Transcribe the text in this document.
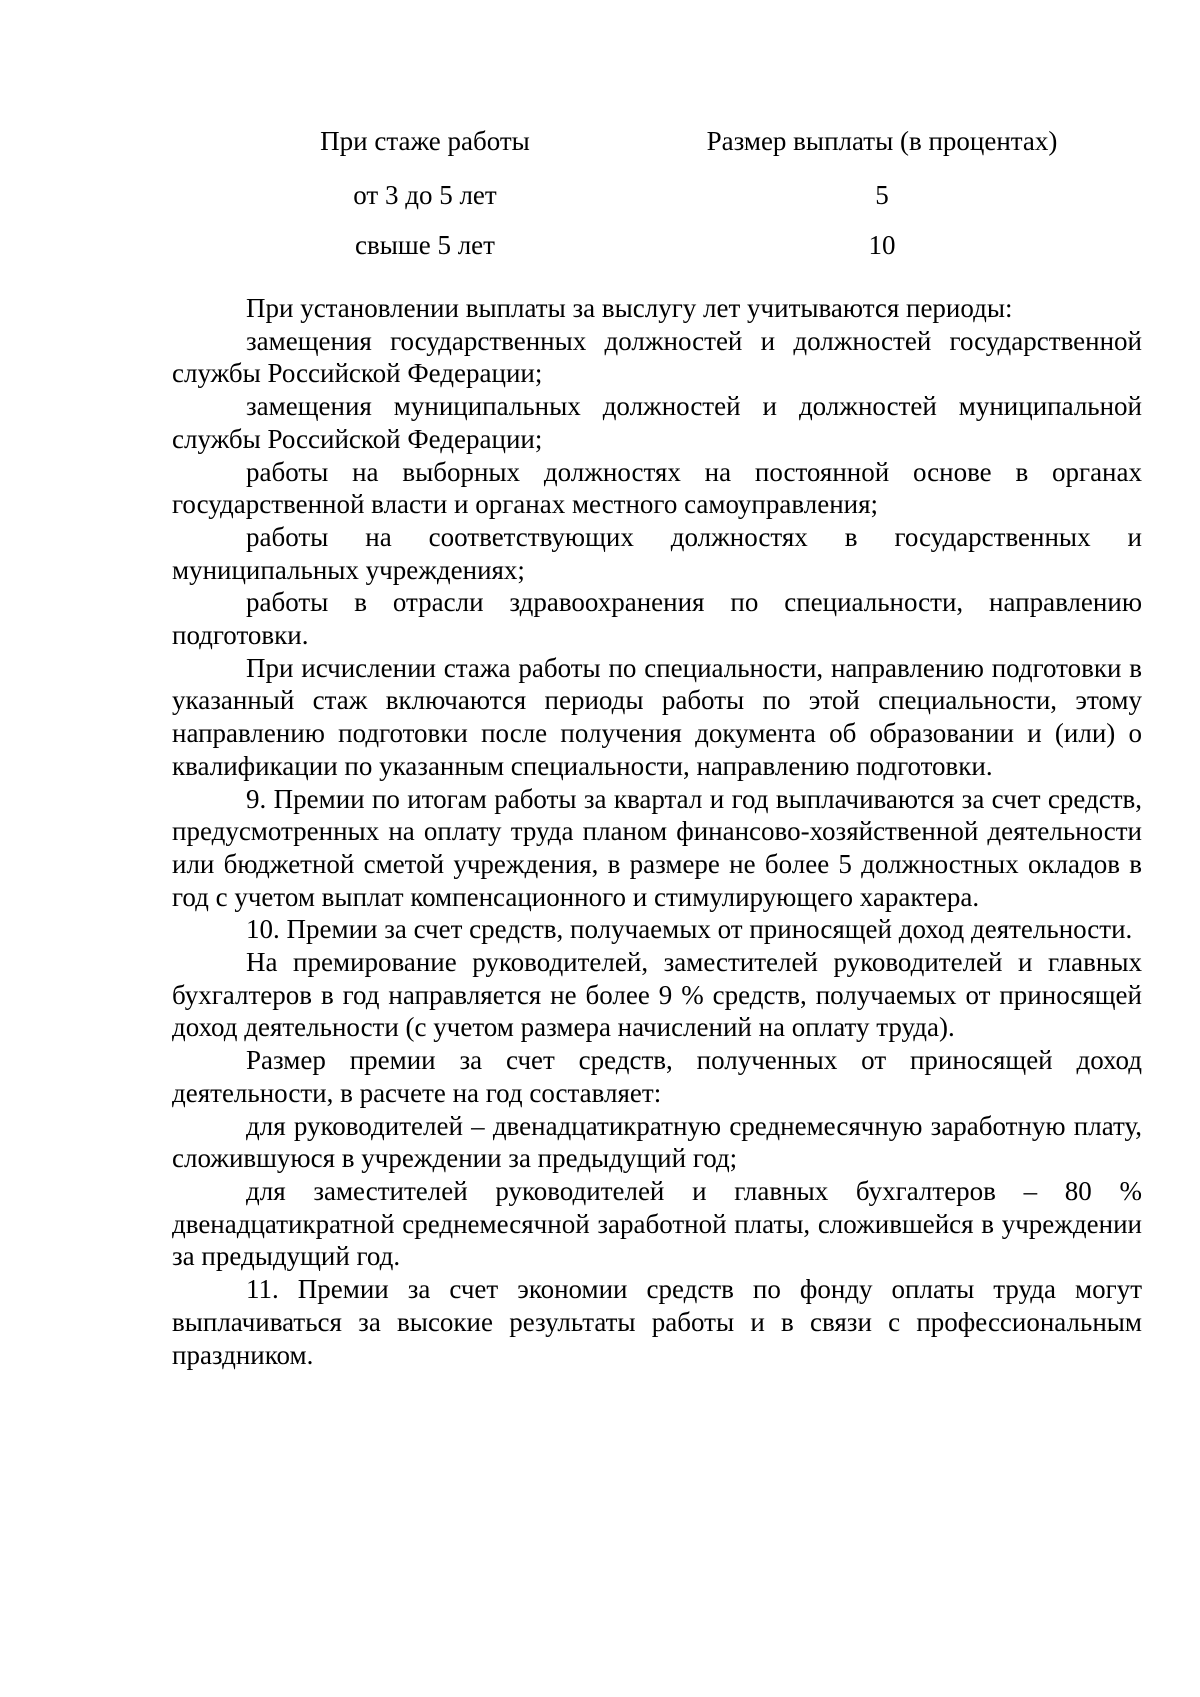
При стаже работы	Размер выплаты (в процентах)
от 3 до 5 лет	5
свыше 5 лет	10

При установлении выплаты за выслугу лет учитываются периоды:

замещения государственных должностей и должностей государственной службы Российской Федерации;

замещения муниципальных должностей и должностей муниципальной службы Российской Федерации;

работы на выборных должностях на постоянной основе в органах государственной власти и органах местного самоуправления;

работы на соответствующих должностях в государственных и муниципальных учреждениях;

работы в отрасли здравоохранения по специальности, направлению подготовки.

При исчислении стажа работы по специальности, направлению подготовки в указанный стаж включаются периоды работы по этой специальности, этому направлению подготовки после получения документа об образовании и (или) о квалификации по указанным специальности, направлению подготовки.

9. Премии по итогам работы за квартал и год выплачиваются за счет средств, предусмотренных на оплату труда планом финансово-хозяйственной деятельности или бюджетной сметой учреждения, в размере не более 5 должностных окладов в год с учетом выплат компенсационного и стимулирующего характера.

10. Премии за счет средств, получаемых от приносящей доход деятельности.

На премирование руководителей, заместителей руководителей и главных бухгалтеров в год направляется не более 9 % средств, получаемых от приносящей доход деятельности (с учетом размера начислений на оплату труда).

Размер премии за счет средств, полученных от приносящей доход деятельности, в расчете на год составляет:

для руководителей – двенадцатикратную среднемесячную заработную плату, сложившуюся в учреждении за предыдущий год;

для заместителей руководителей и главных бухгалтеров – 80 % двенадцатикратной среднемесячной заработной платы, сложившейся в учреждении за предыдущий год.

11. Премии за счет экономии средств по фонду оплаты труда могут выплачиваться за высокие результаты работы и в связи с профессиональным праздником.
